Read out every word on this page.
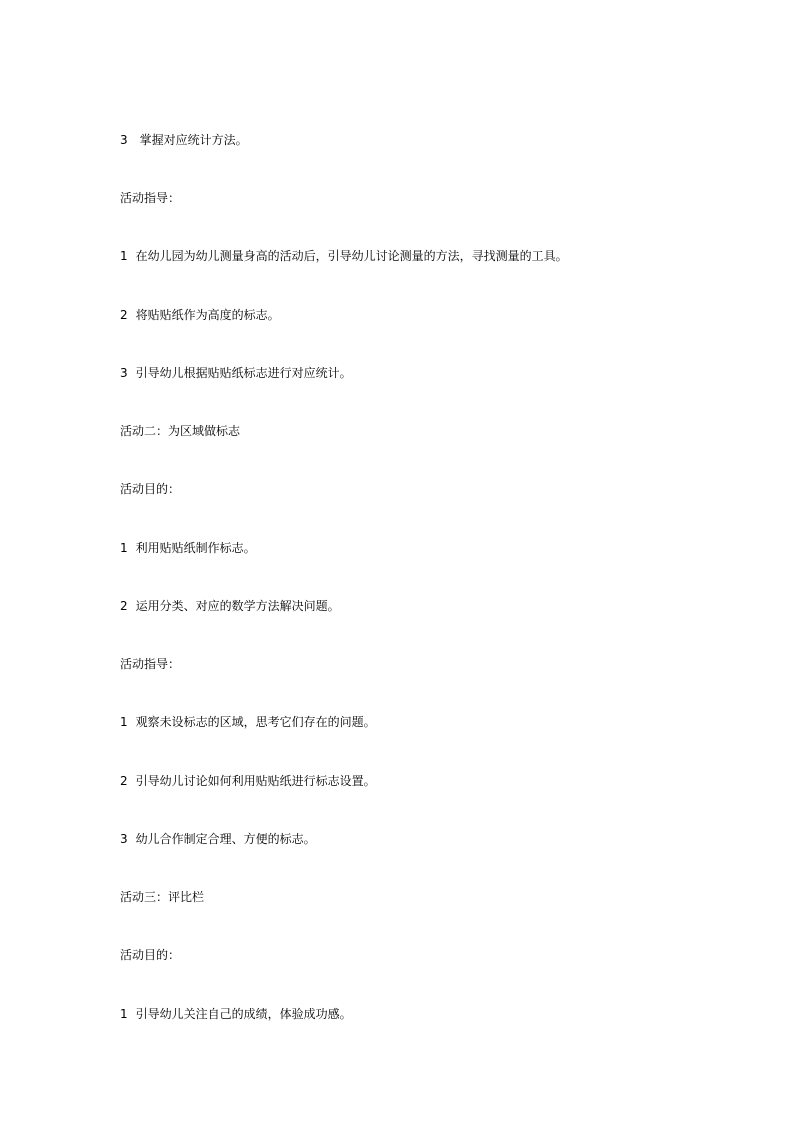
3 掌握对应统计方法。
活动指导：
1 在幼儿园为幼儿测量身高的活动后，引导幼儿讨论测量的方法，寻找测量的工具。
2 将贴贴纸作为高度的标志。
3 引导幼儿根据贴贴纸标志进行对应统计。
活动二：为区域做标志
活动目的：
1 利用贴贴纸制作标志。
2 运用分类、对应的数学方法解决问题。
活动指导：
1 观察未设标志的区域，思考它们存在的问题。
2 引导幼儿讨论如何利用贴贴纸进行标志设置。
3 幼儿合作制定合理、方便的标志。
活动三：评比栏
活动目的：
1 引导幼儿关注自己的成绩，体验成功感。
